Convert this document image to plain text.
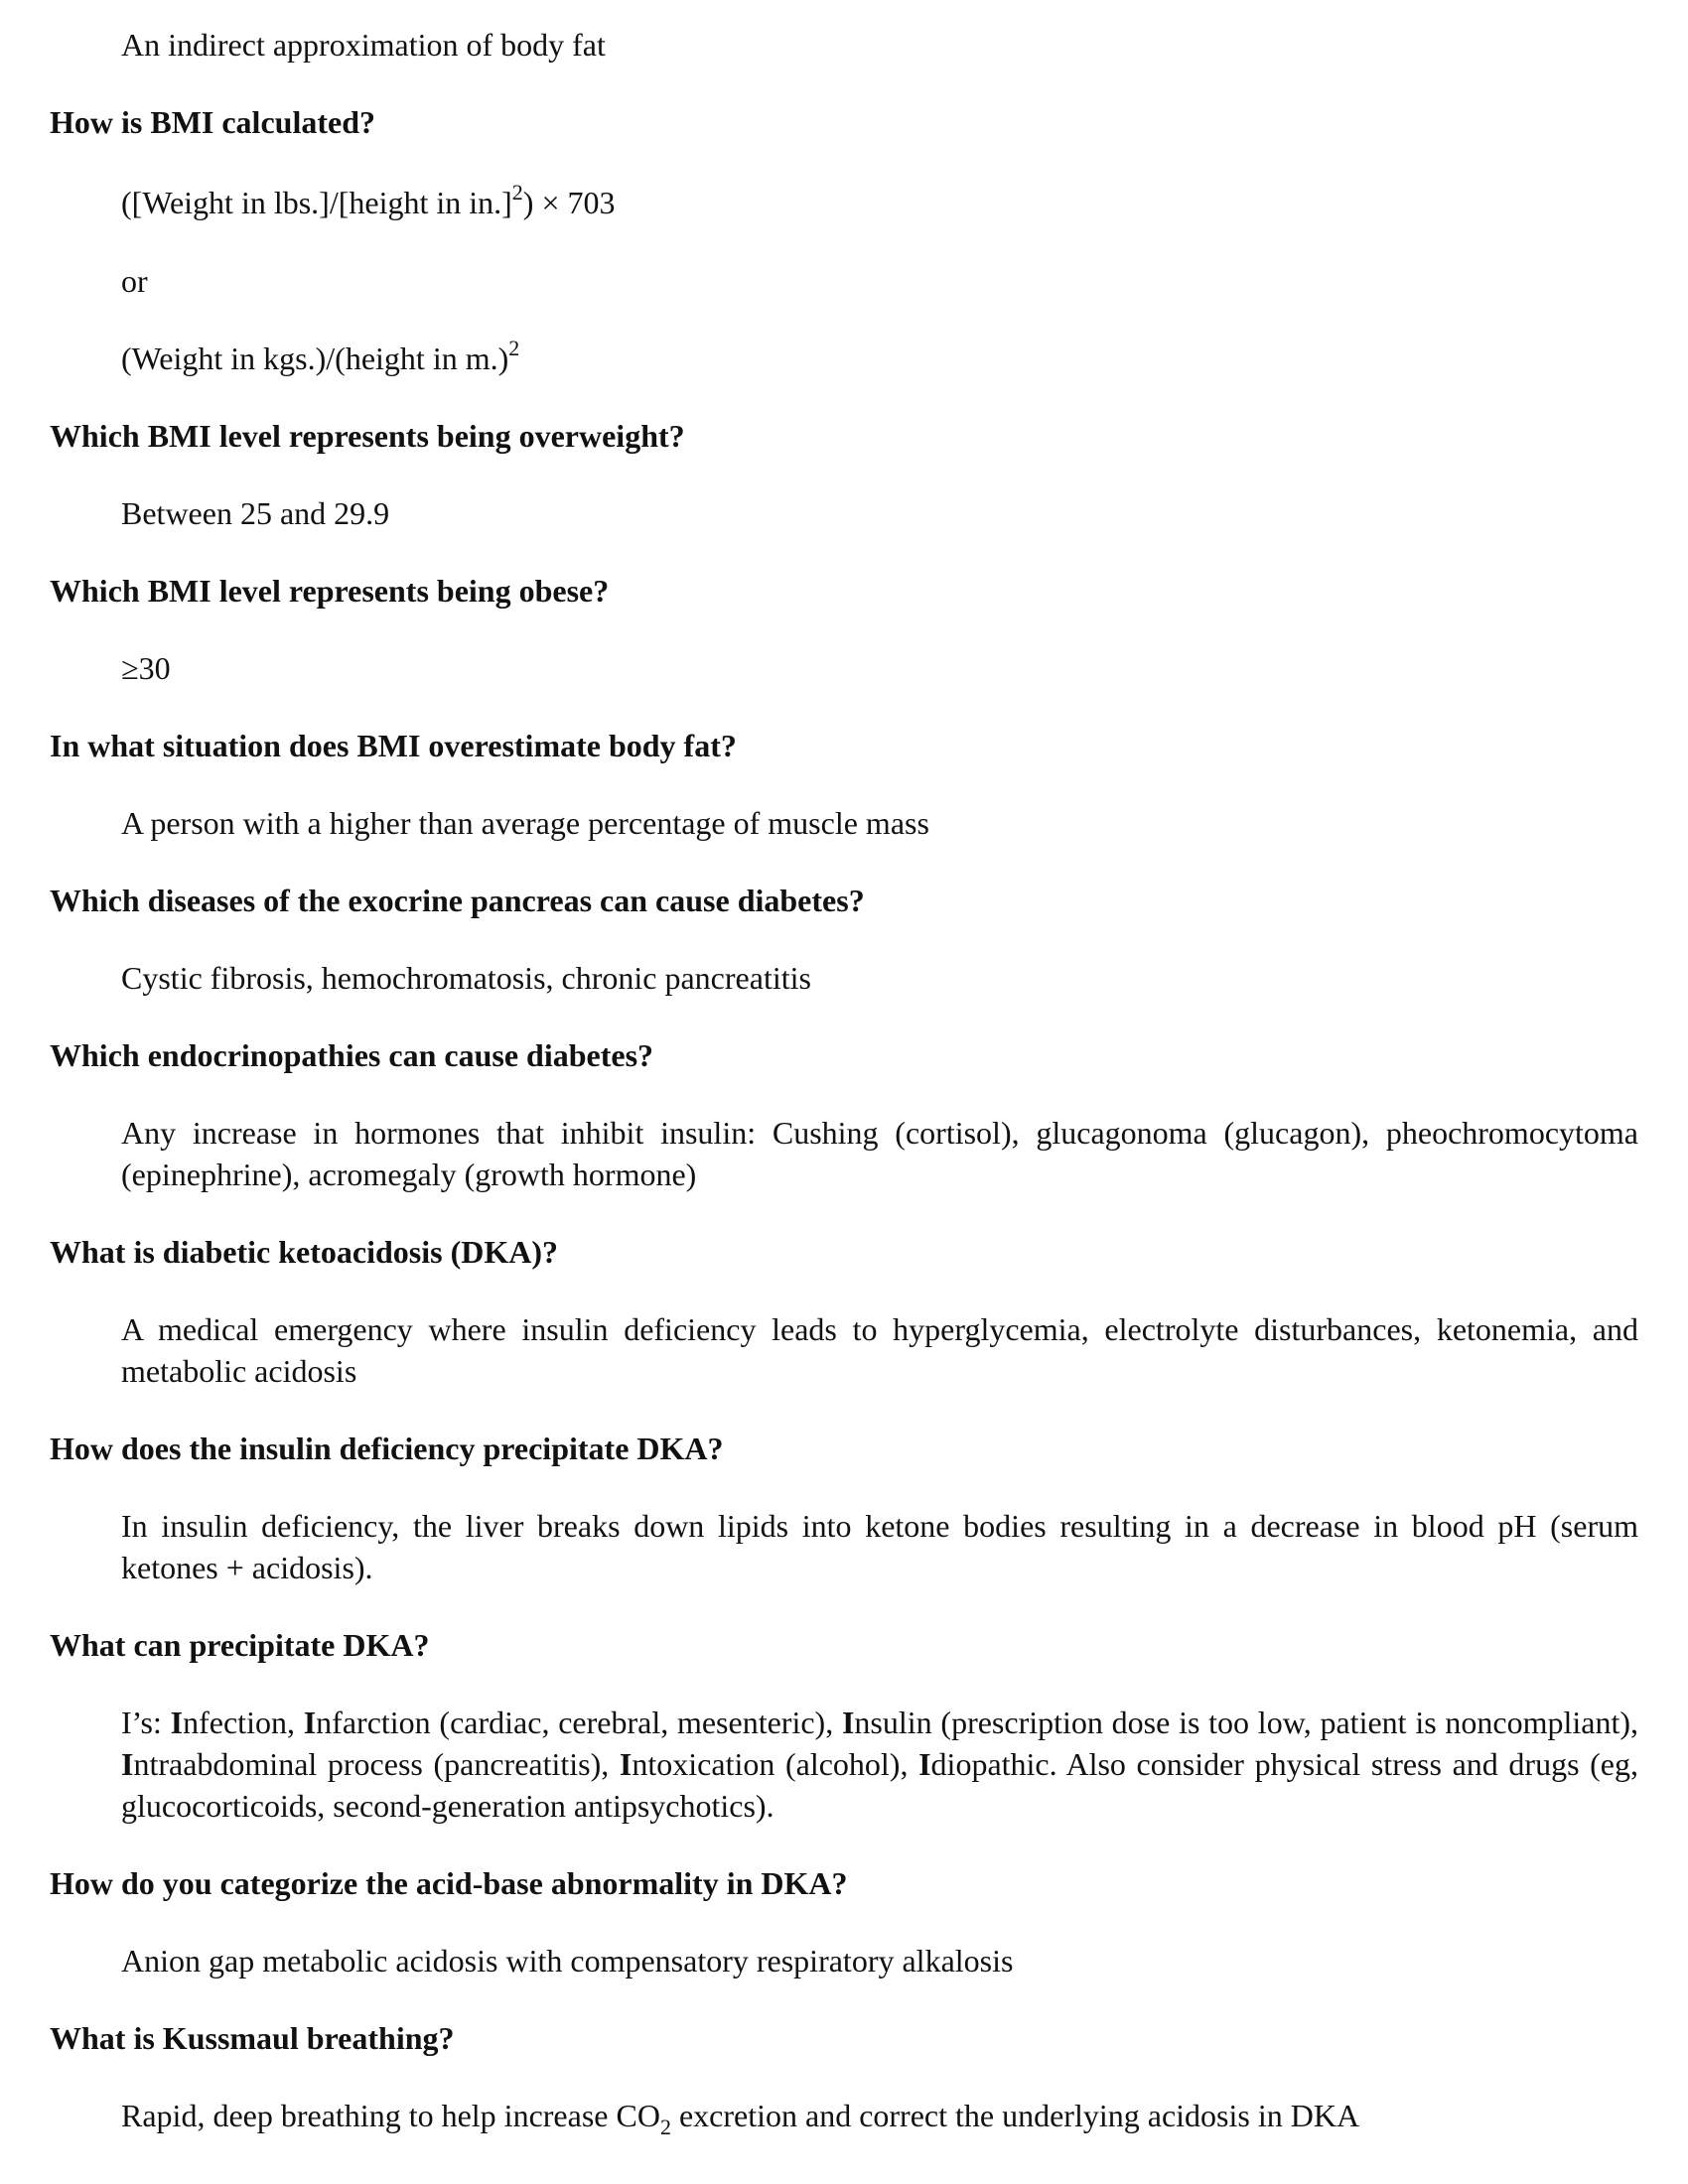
An indirect approximation of body fat
How is BMI calculated?
([Weight in lbs.]/[height in in.]$^2$) × 703
or
(Weight in kgs.)/(height in m.)$^2$
Which BMI level represents being overweight?
Between 25 and 29.9
Which BMI level represents being obese?
≥30
In what situation does BMI overestimate body fat?
A person with a higher than average percentage of muscle mass
Which diseases of the exocrine pancreas can cause diabetes?
Cystic fibrosis, hemochromatosis, chronic pancreatitis
Which endocrinopathies can cause diabetes?
Any increase in hormones that inhibit insulin: Cushing (cortisol), glucagonoma (glucagon), pheochromocytoma (epinephrine), acromegaly (growth hormone)
What is diabetic ketoacidosis (DKA)?
A medical emergency where insulin deficiency leads to hyperglycemia, electrolyte disturbances, ketonemia, and metabolic acidosis
How does the insulin deficiency precipitate DKA?
In insulin deficiency, the liver breaks down lipids into ketone bodies resulting in a decrease in blood pH (serum ketones + acidosis).
What can precipitate DKA?
I’s: Infection, Infarction (cardiac, cerebral, mesenteric), Insulin (prescription dose is too low, patient is noncompliant), Intraabdominal process (pancreatitis), Intoxication (alcohol), Idiopathic. Also consider physical stress and drugs (eg, glucocorticoids, second-generation antipsychotics).
How do you categorize the acid-base abnormality in DKA?
Anion gap metabolic acidosis with compensatory respiratory alkalosis
What is Kussmaul breathing?
Rapid, deep breathing to help increase $CO_2$ excretion and correct the underlying acidosis in DKA
